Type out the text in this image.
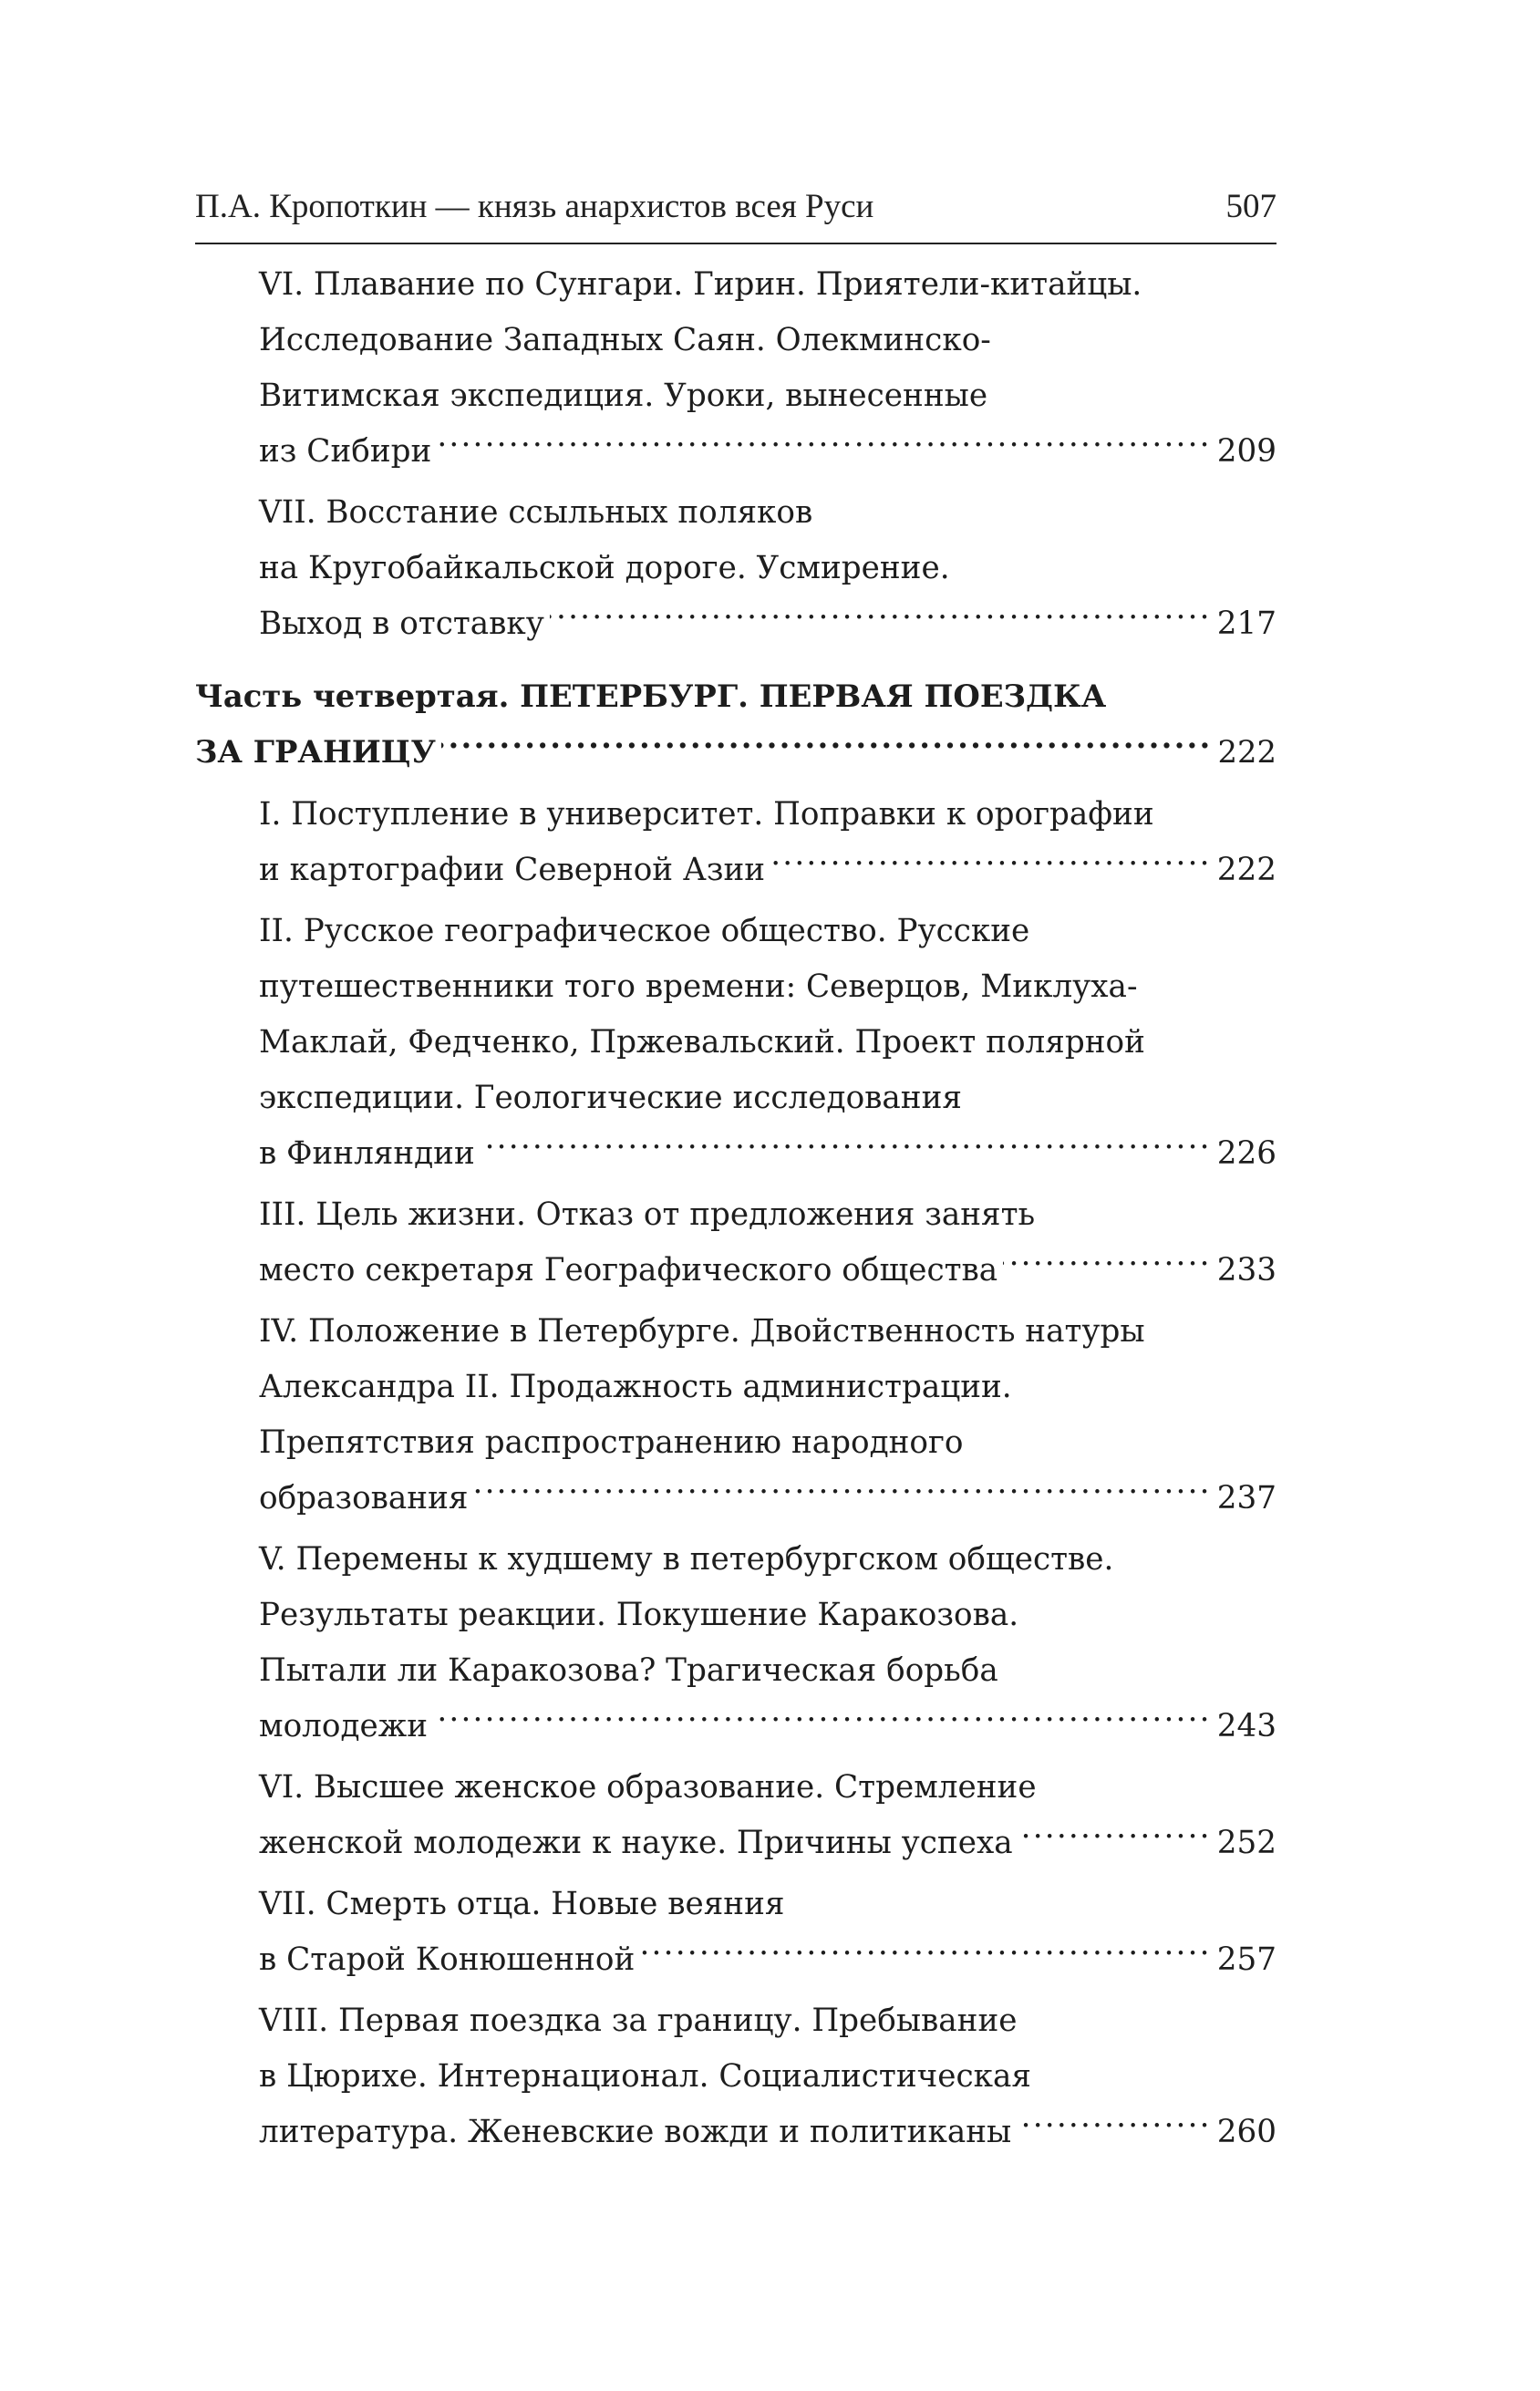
П.А. Кропоткин — князь анархистов всея Руси	507
VI. Плавание по Сунгари. Гирин. Приятели-китайцы.
Исследование Западных Саян. Олекминско-
Витимская экспедиция. Уроки, вынесенные
из Сибири .....	209
VII. Восстание ссыльных поляков
на Кругобайкальской дороге. Усмирение.
Выход в отставку .....	217
Часть четвертая. ПЕТЕРБУРГ. ПЕРВАЯ ПОЕЗДКА
ЗА ГРАНИЦУ .....	222
I. Поступление в университет. Поправки к орографии
и картографии Северной Азии .....	222
II. Русское географическое общество. Русские
путешественники того времени: Северцов, Миклуха-
Маклай, Федченко, Пржевальский. Проект полярной
экспедиции. Геологические исследования
в Финляндии .....	226
III. Цель жизни. Отказ от предложения занять
место секретаря Географического общества .....	233
IV. Положение в Петербурге. Двойственность натуры
Александра II. Продажность администрации.
Препятствия распространению народного
образования .....	237
V. Перемены к худшему в петербургском обществе.
Результаты реакции. Покушение Каракозова.
Пытали ли Каракозова? Трагическая борьба
молодежи .....	243
VI. Высшее женское образование. Стремление
женской молодежи к науке. Причины успеха .....	252
VII. Смерть отца. Новые веяния
в Старой Конюшенной .....	257
VIII. Первая поездка за границу. Пребывание
в Цюрихе. Интернационал. Социалистическая
литература. Женевские вожди и политиканы .....	260
